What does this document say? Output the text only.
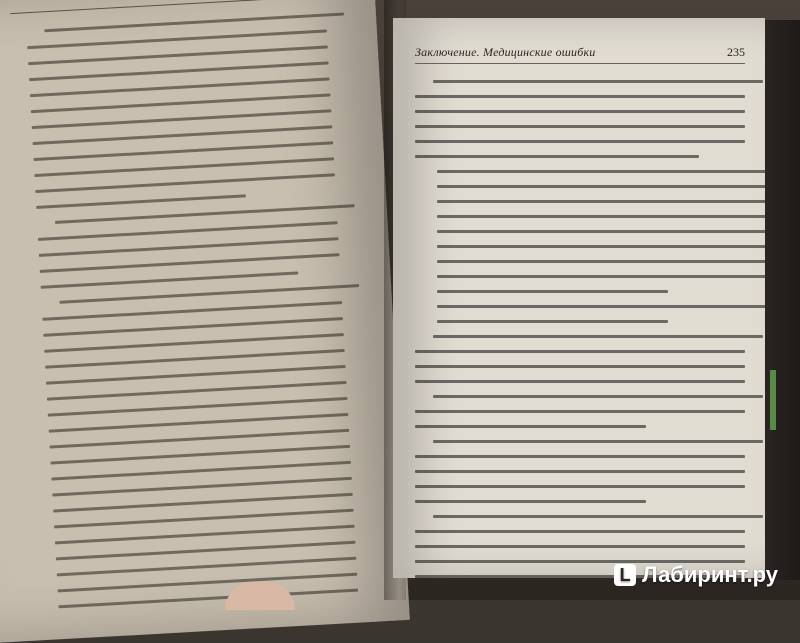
Заключение. Медицинские ошибки	235
L Лабиринт.ру
